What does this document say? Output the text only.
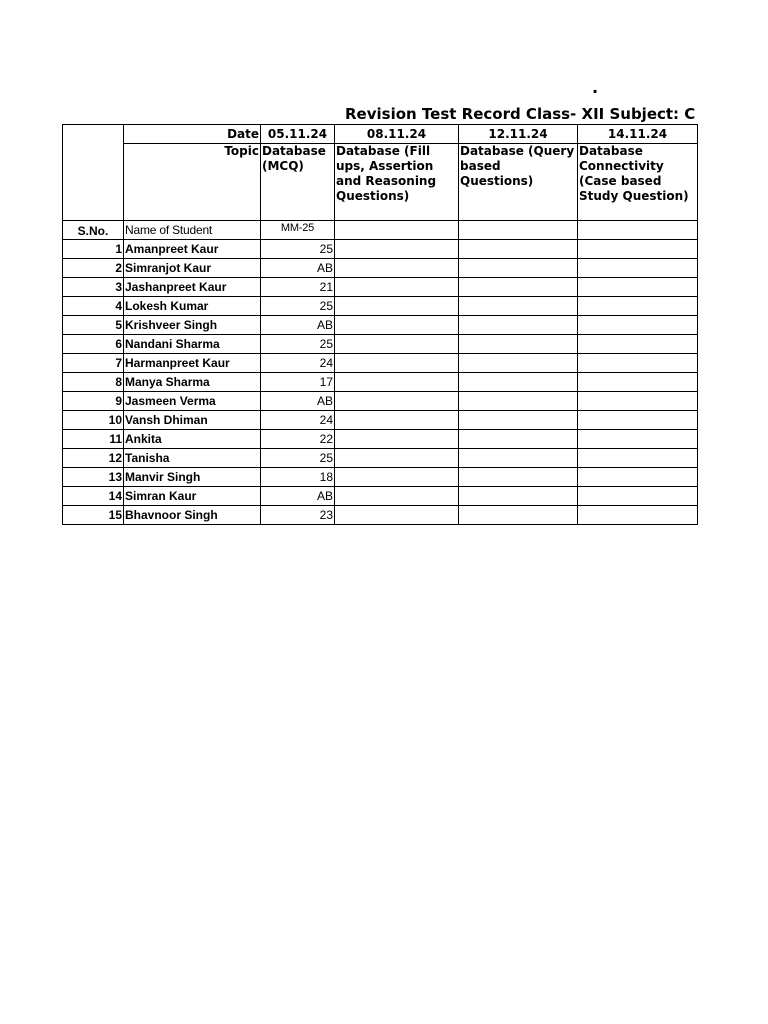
.
Revision Test Record Class- XII Subject: C
	Date	05.11.24	08.11.24	12.11.24	14.11.24
	Topic	Database (MCQ)	Database (Fill ups, Assertion and Reasoning Questions)	Database (Query based Questions)	Database Connectivity (Case based Study Question)
S.No.	Name of Student	MM-25			
1	Amanpreet Kaur	25			
2	Simranjot Kaur	AB			
3	Jashanpreet Kaur	21			
4	Lokesh Kumar	25			
5	Krishveer Singh	AB			
6	Nandani Sharma	25			
7	Harmanpreet Kaur	24			
8	Manya Sharma	17			
9	Jasmeen Verma	AB			
10	Vansh Dhiman	24			
11	Ankita	22			
12	Tanisha	25			
13	Manvir Singh	18			
14	Simran Kaur	AB			
15	Bhavnoor Singh	23			
